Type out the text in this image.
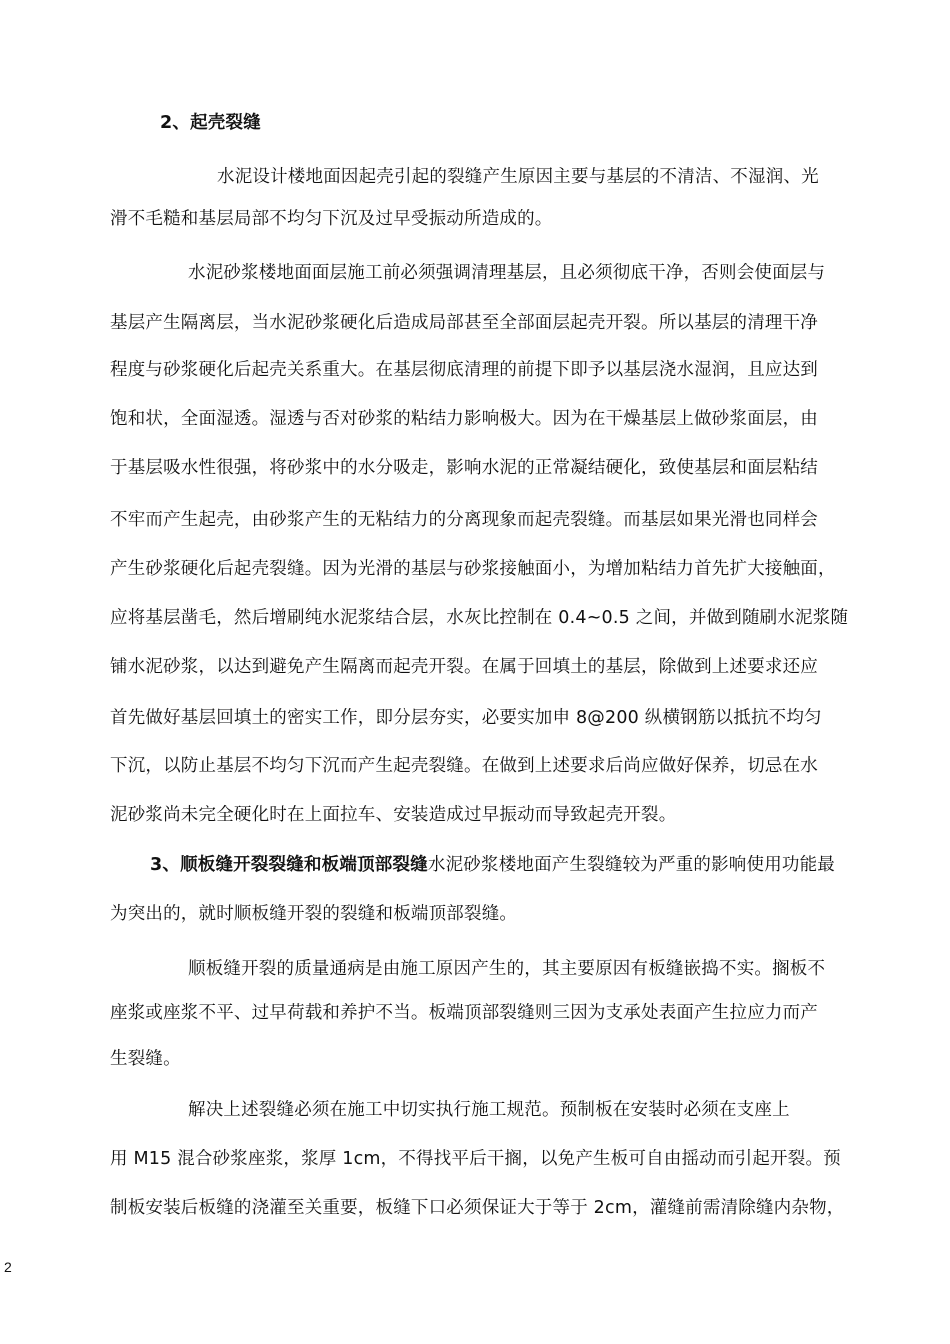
2、起壳裂缝
水泥设计楼地面因起壳引起的裂缝产生原因主要与基层的不清洁、不湿润、光
滑不毛糙和基层局部不均匀下沉及过早受振动所造成的。
水泥砂浆楼地面面层施工前必须强调清理基层，且必须彻底干净，否则会使面层与
基层产生隔离层，当水泥砂浆硬化后造成局部甚至全部面层起壳开裂。所以基层的清理干净
程度与砂浆硬化后起壳关系重大。在基层彻底清理的前提下即予以基层浇水湿润，且应达到
饱和状，全面湿透。湿透与否对砂浆的粘结力影响极大。因为在干燥基层上做砂浆面层，由
于基层吸水性很强，将砂浆中的水分吸走，影响水泥的正常凝结硬化，致使基层和面层粘结
不牢而产生起壳，由砂浆产生的无粘结力的分离现象而起壳裂缝。而基层如果光滑也同样会
产生砂浆硬化后起壳裂缝。因为光滑的基层与砂浆接触面小，为增加粘结力首先扩大接触面，
应将基层凿毛，然后增刷纯水泥浆结合层，水灰比控制在 0.4~0.5 之间，并做到随刷水泥浆随
铺水泥砂浆，以达到避免产生隔离而起壳开裂。在属于回填土的基层，除做到上述要求还应
首先做好基层回填土的密实工作，即分层夯实，必要实加申 8@200 纵横钢筋以抵抗不均匀
下沉，以防止基层不均匀下沉而产生起壳裂缝。在做到上述要求后尚应做好保养，切忌在水
泥砂浆尚未完全硬化时在上面拉车、安装造成过早振动而导致起壳开裂。
3、顺板缝开裂裂缝和板端顶部裂缝水泥砂浆楼地面产生裂缝较为严重的影响使用功能最
为突出的，就时顺板缝开裂的裂缝和板端顶部裂缝。
顺板缝开裂的质量通病是由施工原因产生的，其主要原因有板缝嵌捣不实。搁板不
座浆或座浆不平、过早荷载和养护不当。板端顶部裂缝则三因为支承处表面产生拉应力而产
生裂缝。
解决上述裂缝必须在施工中切实执行施工规范。预制板在安装时必须在支座上
用 M15 混合砂浆座浆，浆厚 1cm，不得找平后干搁，以免产生板可自由摇动而引起开裂。预
制板安装后板缝的浇灌至关重要，板缝下口必须保证大于等于 2cm，灌缝前需清除缝内杂物，
2
